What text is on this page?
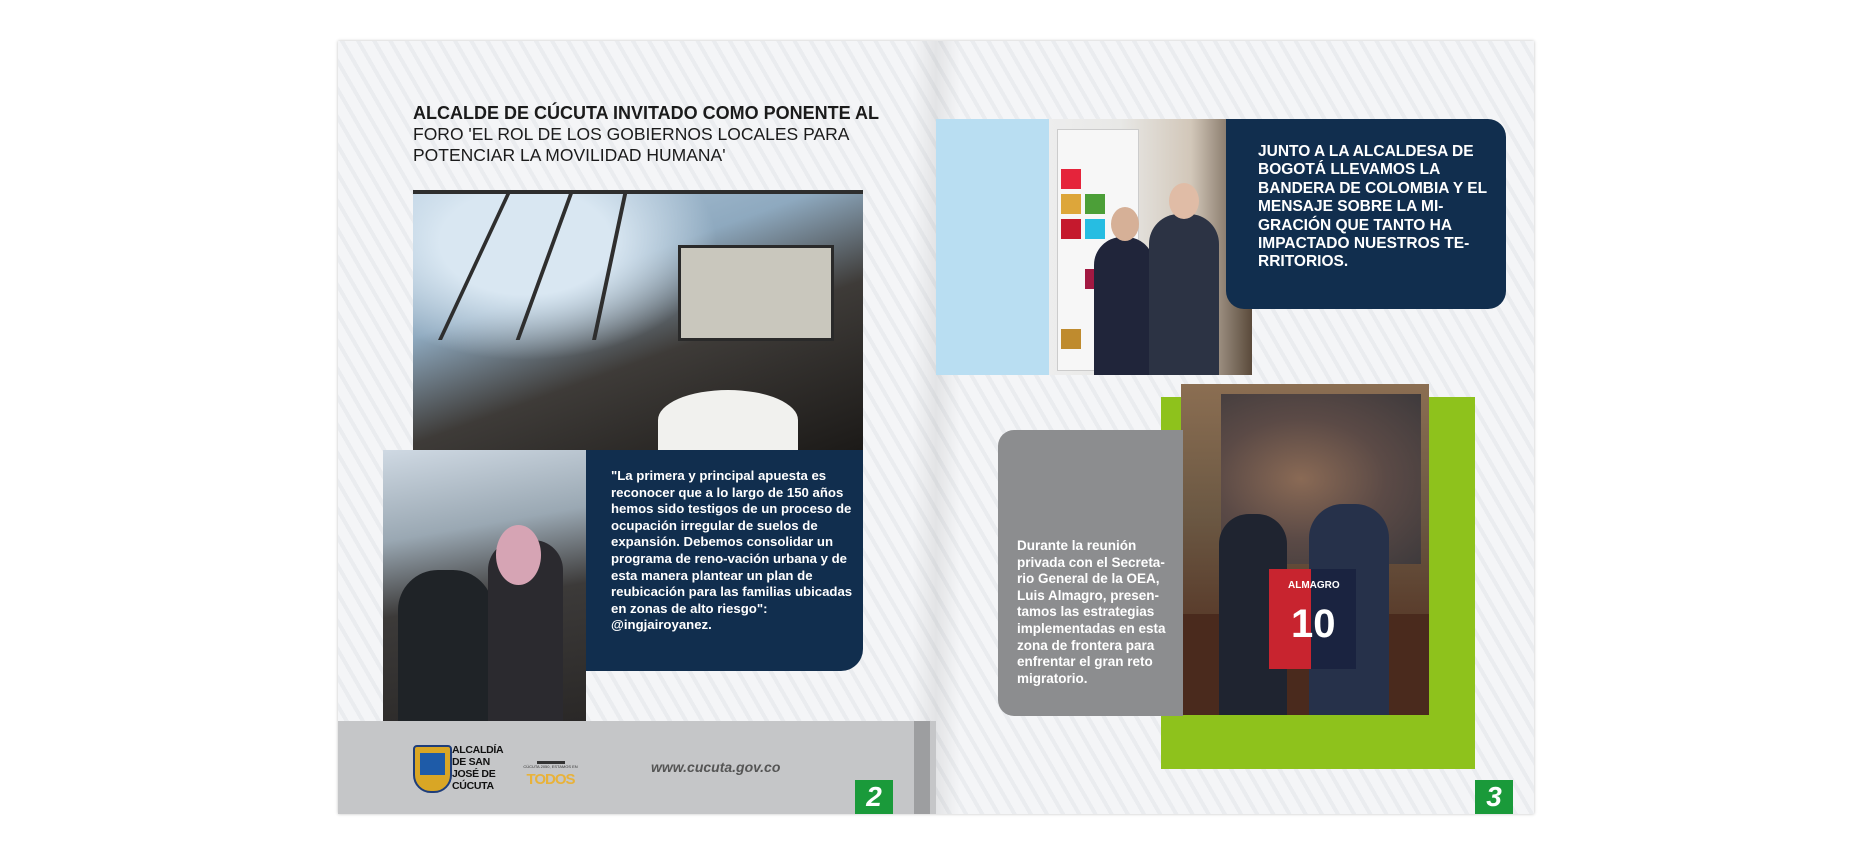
ALCALDE DE CÚCUTA INVITADO COMO PONENTE AL
FORO 'EL ROL DE LOS GOBIERNOS LOCALES PARA POTENCIAR LA MOVILIDAD HUMANA'
"La primera y principal apuesta es reconocer que a lo largo de 150 años hemos sido testigos de un proceso de ocupación irregular de suelos de expansión. Debemos consolidar un programa de reno-vación urbana y de esta manera plantear un plan de reubicación para las familias ubicadas en zonas de alto riesgo": @ingjairoyanez.
ALCALDÍA DE SAN JOSÉ DE CÚCUTA
CÚCUTA 2050, ESTAMOS EN
TODOS
www.cucuta.gov.co
2
JUNTO A LA ALCALDESA DE BOGOTÁ LLEVAMOS LA BANDERA DE COLOMBIA Y EL MENSAJE SOBRE LA MI-GRACIÓN QUE TANTO HA IMPACTADO NUESTROS TE-RRITORIOS.
ALMAGRO
10
Durante la reunión privada con el Secreta-rio General de la OEA, Luis Almagro, presen-tamos las estrategias implementadas en esta zona de frontera para enfrentar el gran reto migratorio.
3
